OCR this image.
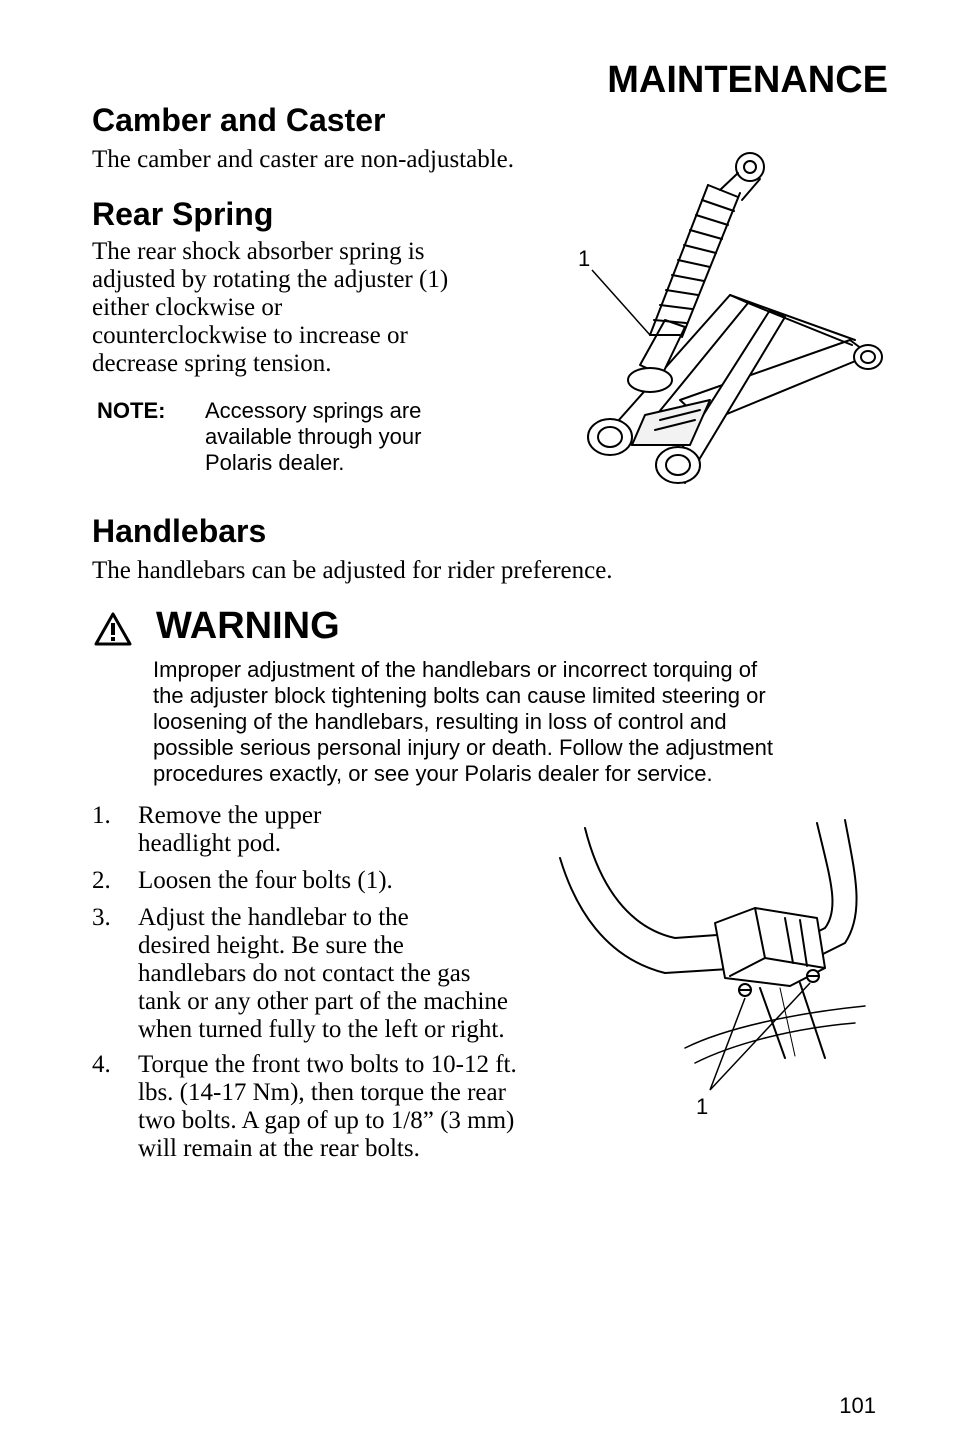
MAINTENANCE
Camber and Caster

The camber and caster are non-adjustable.

Rear Spring
The rear shock absorber spring is
adjusted by rotating the adjuster (1)
either clockwise or
counterclockwise to increase or
decrease spring tension.
NOTE: Accessory springs are
available through your
Polaris dealer.
1
Handlebars

The handlebars can be adjusted for rider preference.

WARNING
Improper adjustment of the handlebars or incorrect torquing of
the adjuster block tightening bolts can cause limited steering or
loosening of the handlebars, resulting in loss of control and
possible serious personal injury or death. Follow the adjustment
procedures exactly, or see your Polaris dealer for service.
1.	Remove the upper
headlight pod.
2.	Loosen the four bolts (1).
3.	Adjust the handlebar to the
desired height. Be sure the
handlebars do not contact the gas
tank or any other part of the machine
when turned fully to the left or right.
4.	Torque the front two bolts to 10-12 ft.
lbs. (14-17 Nm), then torque the rear
two bolts. A gap of up to 1/8” (3 mm)
will remain at the rear bolts.
1
101
